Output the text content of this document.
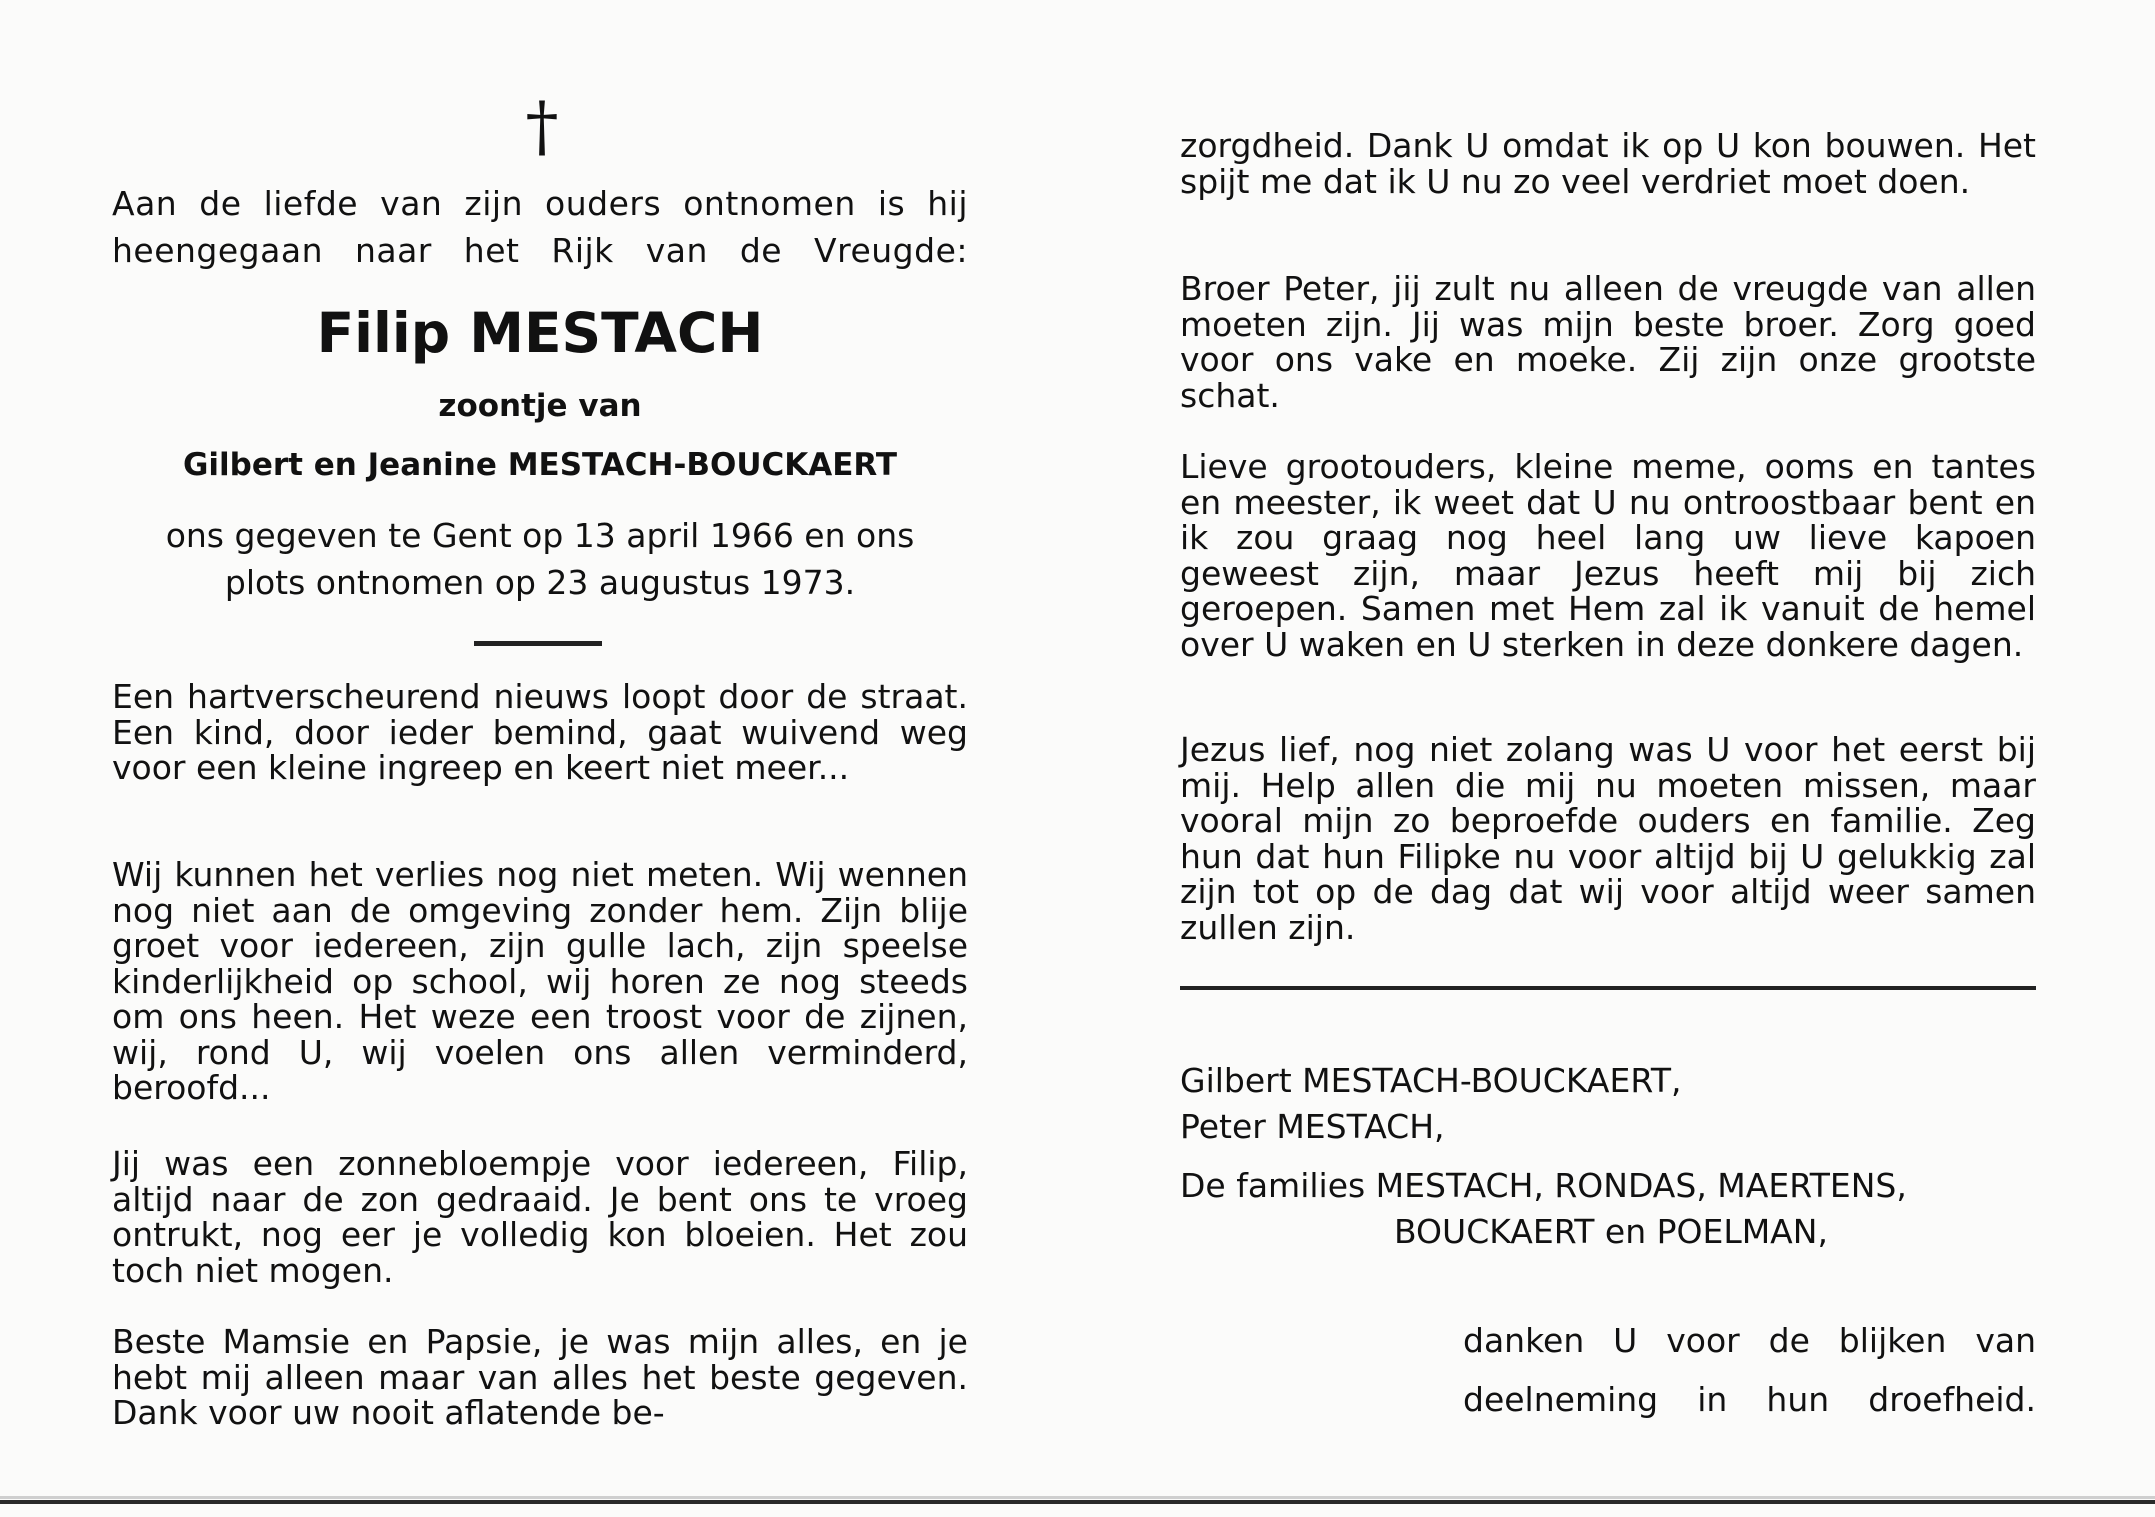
†

Aan de liefde van zijn ouders ontnomen is hij

heengegaan naar het Rijk van de Vreugde:

Filip MESTACH
zoontje van
Gilbert en Jeanine MESTACH-BOUCKAERT

ons gegeven te Gent op 13 april 1966 en ons

plots ontnomen op 23 augustus 1973.

Een hartverscheurend nieuws loopt door de straat. Een kind, door ieder bemind, gaat wuivend weg voor een kleine ingreep en keert niet meer...

Wij kunnen het verlies nog niet meten. Wij wennen nog niet aan de omgeving zonder hem. Zijn blije groet voor iedereen, zijn gulle lach, zijn speelse kinderlijkheid op school, wij horen ze nog steeds om ons heen. Het weze een troost voor de zijnen, wij, rond U, wij voelen ons allen verminderd, beroofd...

Jij was een zonnebloempje voor iedereen, Filip, altijd naar de zon gedraaid. Je bent ons te vroeg ontrukt, nog eer je volledig kon bloeien. Het zou toch niet mogen.

Beste Mamsie en Papsie, je was mijn alles, en je hebt mij alleen maar van alles het beste gegeven. Dank voor uw nooit aflatende be-

zorgdheid. Dank U omdat ik op U kon bouwen. Het spijt me dat ik U nu zo veel verdriet moet doen.

Broer Peter, jij zult nu alleen de vreugde van allen moeten zijn. Jij was mijn beste broer. Zorg goed voor ons vake en moeke. Zij zijn onze grootste schat.

Lieve grootouders, kleine meme, ooms en tantes en meester, ik weet dat U nu ontroostbaar bent en ik zou graag nog heel lang uw lieve kapoen geweest zijn, maar Jezus heeft mij bij zich geroepen. Samen met Hem zal ik vanuit de hemel over U waken en U sterken in deze donkere dagen.

Jezus lief, nog niet zolang was U voor het eerst bij mij. Help allen die mij nu moeten missen, maar vooral mijn zo beproefde ouders en familie. Zeg hun dat hun Filipke nu voor altijd bij U gelukkig zal zijn tot op de dag dat wij voor altijd weer samen zullen zijn.

Gilbert MESTACH-BOUCKAERT,
Peter MESTACH,
De families MESTACH, RONDAS, MAERTENS,
BOUCKAERT en POELMAN,

danken U voor de blijken van

deelneming in hun droefheid.
